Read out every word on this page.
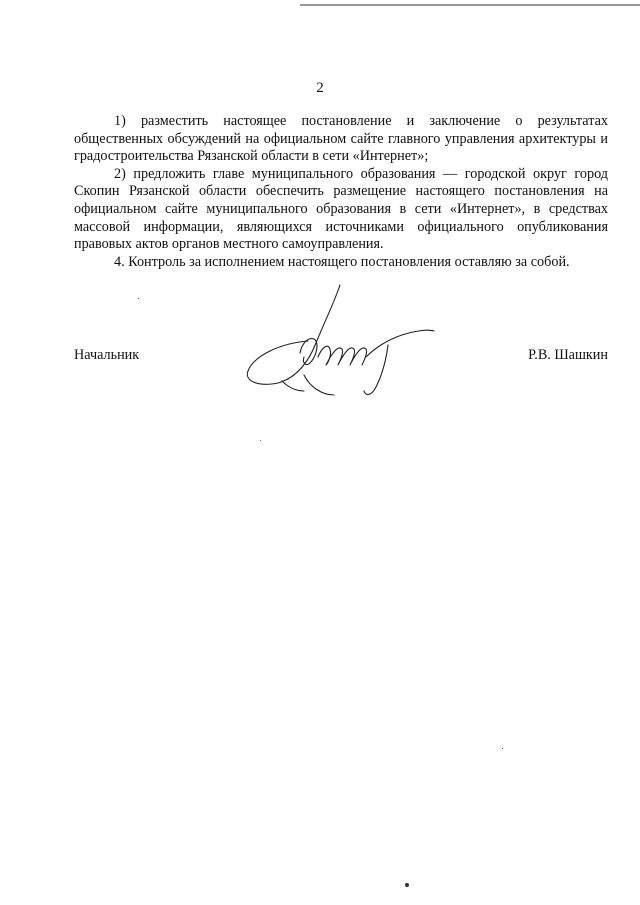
2

1) разместить настоящее постановление и заключение о результатах общественных обсуждений на официальном сайте главного управления архитектуры и градостроительства Рязанской области в сети «Интернет»;

2) предложить главе муниципального образования — городской округ город Скопин Рязанской области обеспечить размещение настоящего постановления на официальном сайте муниципального образования в сети «Интернет», в средствах массовой информации, являющихся источниками официального опубликования правовых актов органов местного самоуправления.

4. Контроль за исполнением настоящего постановления оставляю за собой.

Начальник	Р.В. Шашкин
